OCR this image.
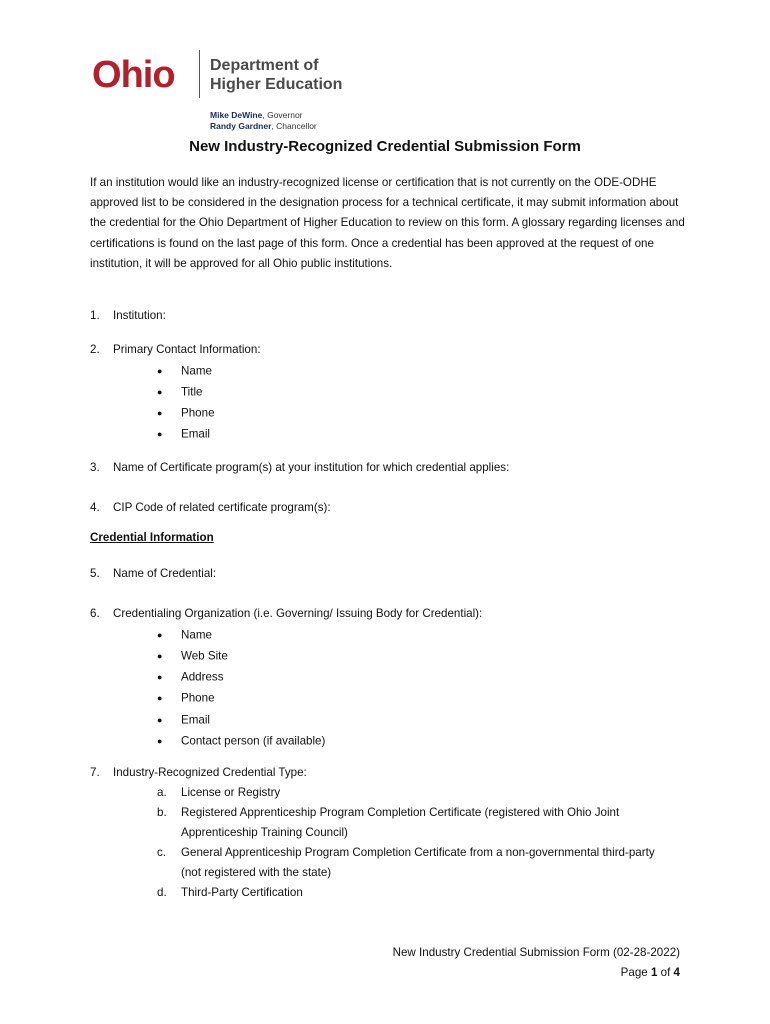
Ohio Department of
Higher Education
Mike DeWine, Governor
Randy Gardner, Chancellor
New Industry-Recognized Credential Submission Form
If an institution would like an industry-recognized license or certification that is not currently on the ODE-ODHE approved list to be considered in the designation process for a technical certificate, it may submit information about the credential for the Ohio Department of Higher Education to review on this form. A glossary regarding licenses and certifications is found on the last page of this form. Once a credential has been approved at the request of one institution, it will be approved for all Ohio public institutions.
1. Institution:
2. Primary Contact Information:
● Name
● Title
● Phone
● Email
3. Name of Certificate program(s) at your institution for which credential applies:
4. CIP Code of related certificate program(s):
Credential Information
5. Name of Credential:
6. Credentialing Organization (i.e. Governing/ Issuing Body for Credential):
● Name
● Web Site
● Address
● Phone
● Email
● Contact person (if available)
7. Industry-Recognized Credential Type:
a.	License or Registry
b.	Registered Apprenticeship Program Completion Certificate (registered with Ohio Joint Apprenticeship Training Council)
c.	General Apprenticeship Program Completion Certificate from a non-governmental third-party (not registered with the state)
d.	Third-Party Certification
New Industry Credential Submission Form (02-28-2022)
Page 1 of 4
